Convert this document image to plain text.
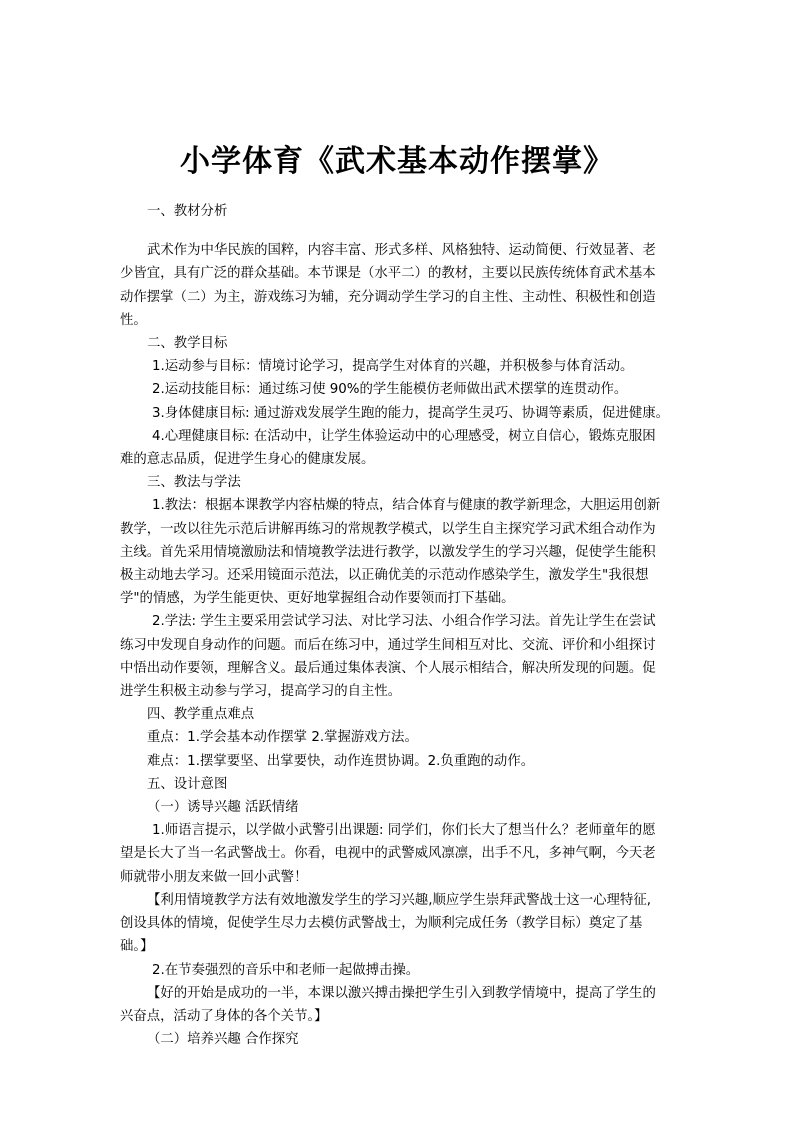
小学体育《武术基本动作摆掌》
一、教材分析
武术作为中华民族的国粹，内容丰富、形式多样、风格独特、运动简便、行效显著、老
少皆宜，具有广泛的群众基础。本节课是（水平二）的教材，主要以民族传统体育武术基本
动作摆掌（二）为主，游戏练习为辅，充分调动学生学习的自主性、主动性、积极性和创造
性。
二、教学目标
1.运动参与目标：情境讨论学习，提高学生对体育的兴趣，并积极参与体育活动。
2.运动技能目标：通过练习使 90%的学生能模仿老师做出武术摆掌的连贯动作。
3.身体健康目标: 通过游戏发展学生跑的能力，提高学生灵巧、协调等素质，促进健康。
4.心理健康目标: 在活动中，让学生体验运动中的心理感受，树立自信心，锻炼克服困
难的意志品质，促进学生身心的健康发展。
三、教法与学法
1.教法：根据本课教学内容枯燥的特点，结合体育与健康的教学新理念，大胆运用创新
教学，一改以往先示范后讲解再练习的常规教学模式，以学生自主探究学习武术组合动作为
主线。首先采用情境激励法和情境教学法进行教学，以激发学生的学习兴趣，促使学生能积
极主动地去学习。还采用镜面示范法，以正确优美的示范动作感染学生，激发学生"我很想
学"的情感，为学生能更快、更好地掌握组合动作要领而打下基础。
2.学法: 学生主要采用尝试学习法、对比学习法、小组合作学习法。首先让学生在尝试
练习中发现自身动作的问题。而后在练习中，通过学生间相互对比、交流、评价和小组探讨
中悟出动作要领，理解含义。最后通过集体表演、个人展示相结合，解决所发现的问题。促
进学生积极主动参与学习，提高学习的自主性。
四、教学重点难点
重点：1.学会基本动作摆掌 2.掌握游戏方法。
难点：1.摆掌要坚、出掌要快，动作连贯协调。2.负重跑的动作。
五、设计意图
（一）诱导兴趣 活跃情绪
1.师语言提示，以学做小武警引出课题: 同学们，你们长大了想当什么？老师童年的愿
望是长大了当一名武警战士。你看，电视中的武警威风凛凛，出手不凡，多神气啊，今天老
师就带小朋友来做一回小武警！
【利用情境教学方法有效地激发学生的学习兴趣,顺应学生崇拜武警战士这一心理特征,
创设具体的情境，促使学生尽力去模仿武警战士，为顺利完成任务（教学目标）奠定了基
础。】
2.在节奏强烈的音乐中和老师一起做搏击操。
【好的开始是成功的一半，本课以激兴搏击操把学生引入到教学情境中，提高了学生的
兴奋点，活动了身体的各个关节。】
（二）培养兴趣 合作探究
